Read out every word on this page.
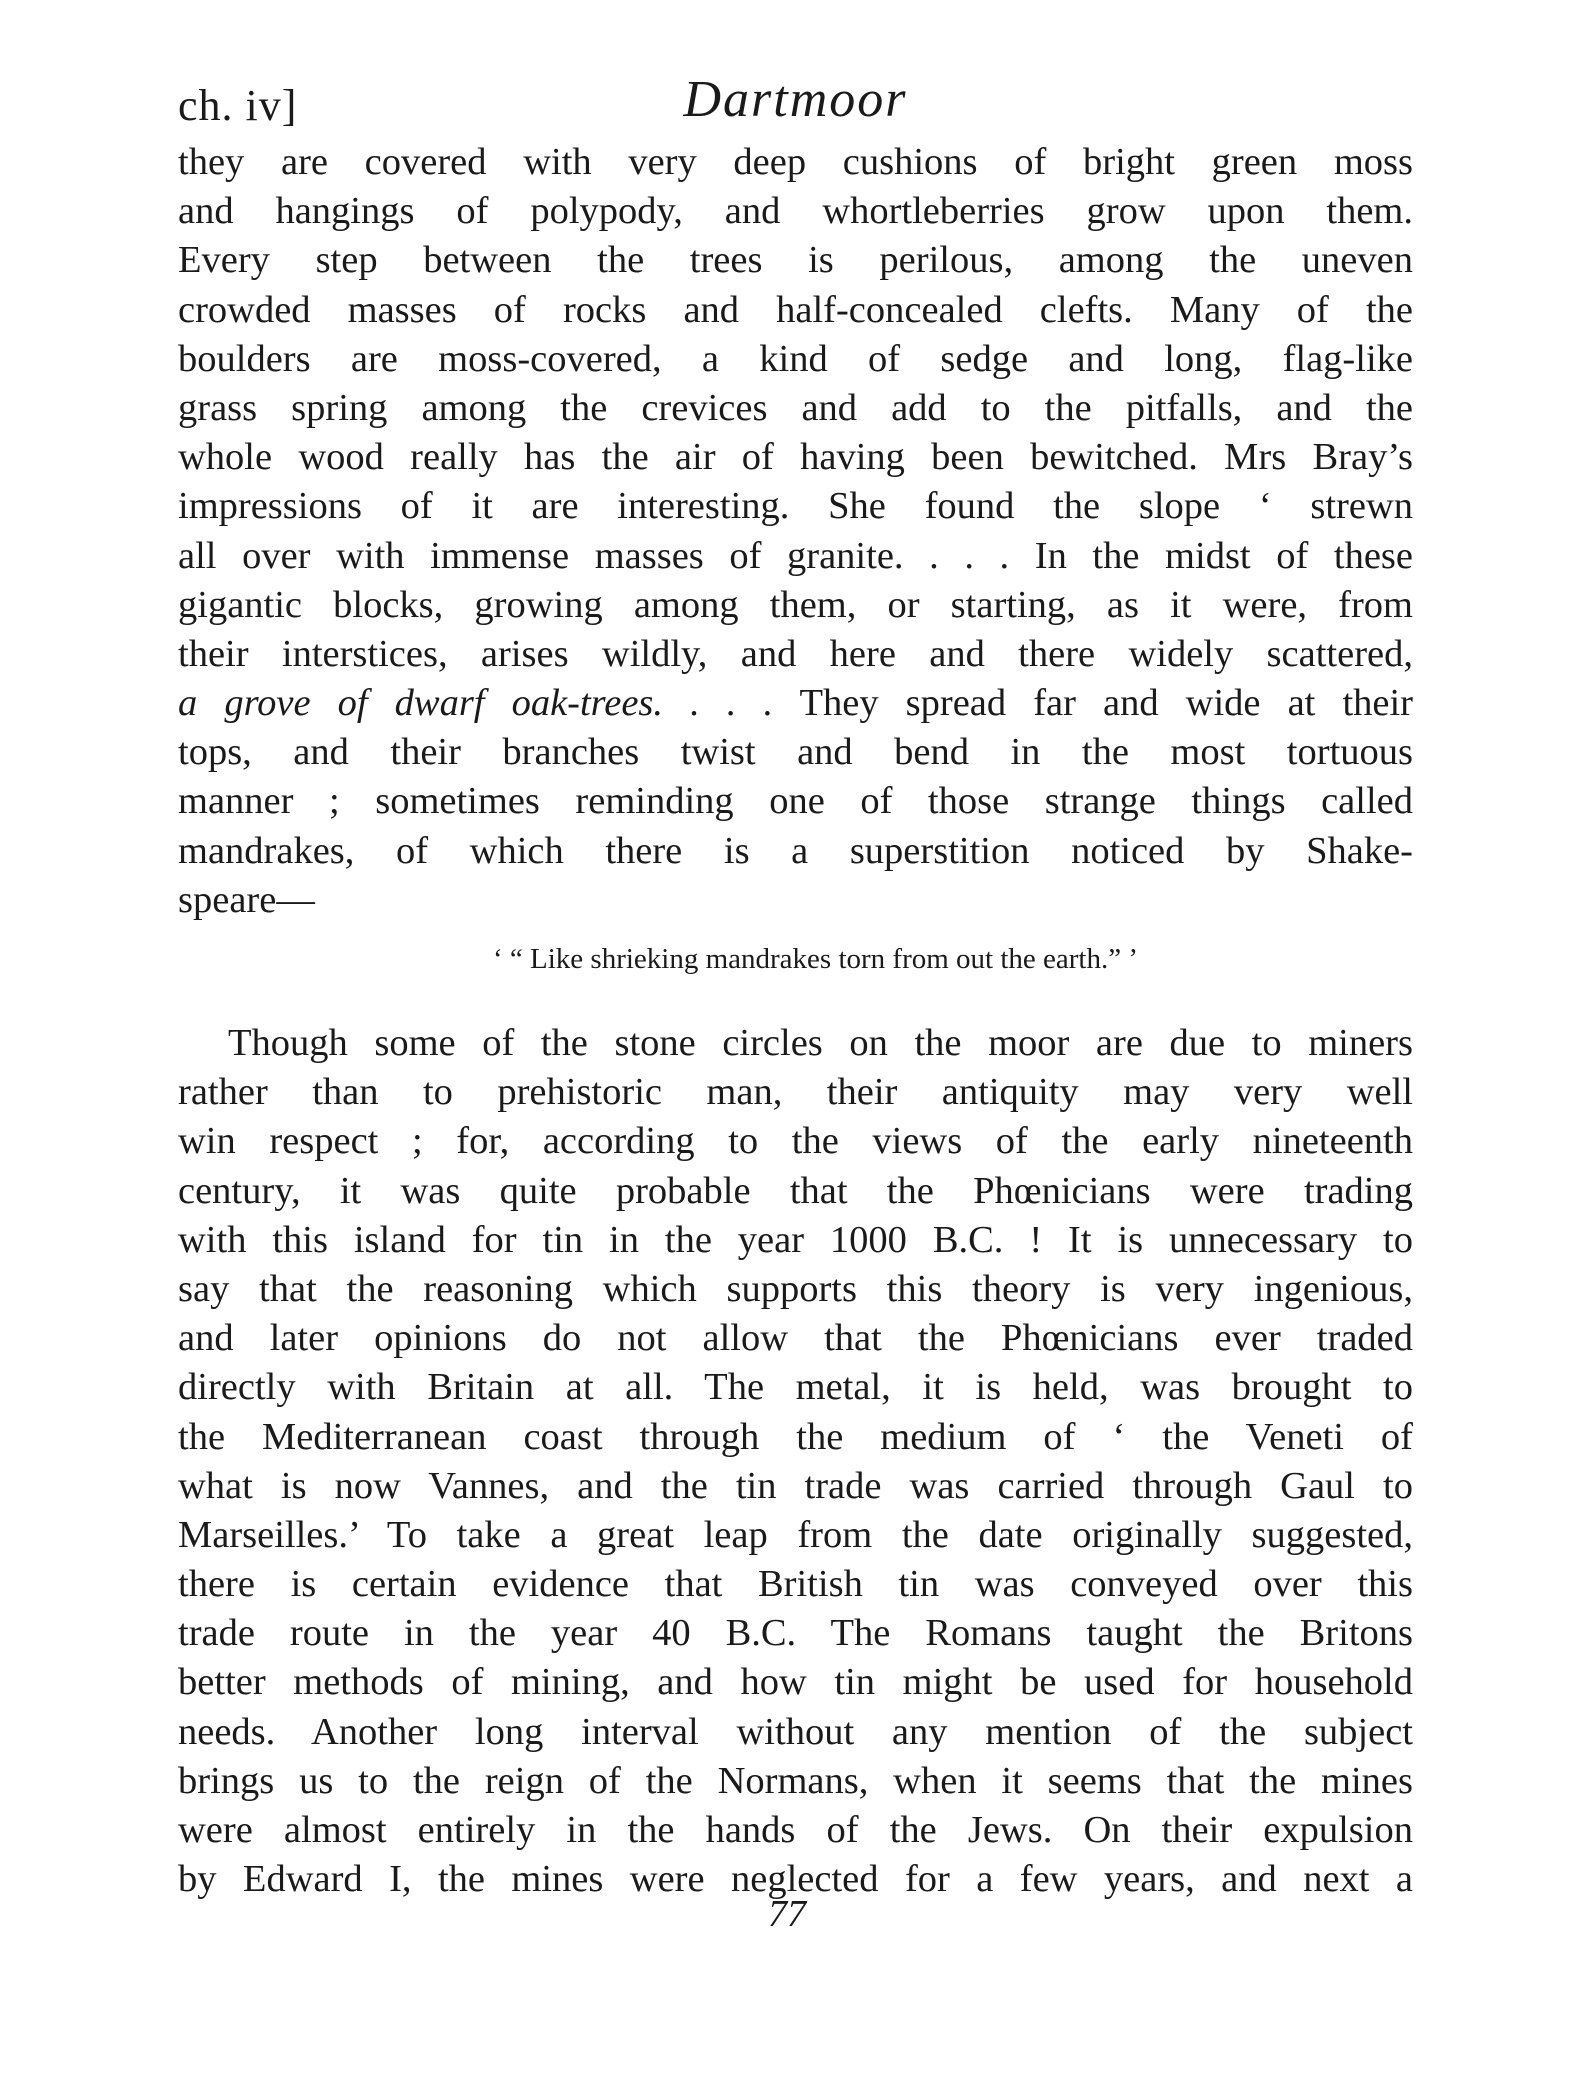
ch. iv]	Dartmoor
they are covered with very deep cushions of bright green moss
and hangings of polypody, and whortleberries grow upon them.
Every step between the trees is perilous, among the uneven
crowded masses of rocks and half-concealed clefts. Many of the
boulders are moss-covered, a kind of sedge and long, flag-like
grass spring among the crevices and add to the pitfalls, and the
whole wood really has the air of having been bewitched. Mrs Bray’s
impressions of it are interesting. She found the slope ‘ strewn
all over with immense masses of granite. . . . In the midst of these
gigantic blocks, growing among them, or starting, as it were, from
their interstices, arises wildly, and here and there widely scattered,
a grove of dwarf oak-trees. . . . They spread far and wide at their
tops, and their branches twist and bend in the most tortuous
manner ; sometimes reminding one of those strange things called
mandrakes, of which there is a superstition noticed by Shake-
speare—
‘ “ Like shrieking mandrakes torn from out the earth.” ’
Though some of the stone circles on the moor are due to miners
rather than to prehistoric man, their antiquity may very well
win respect ; for, according to the views of the early nineteenth
century, it was quite probable that the Phœnicians were trading
with this island for tin in the year 1000 B.C. ! It is unnecessary to
say that the reasoning which supports this theory is very ingenious,
and later opinions do not allow that the Phœnicians ever traded
directly with Britain at all. The metal, it is held, was brought to
the Mediterranean coast through the medium of ‘ the Veneti of
what is now Vannes, and the tin trade was carried through Gaul to
Marseilles.’ To take a great leap from the date originally suggested,
there is certain evidence that British tin was conveyed over this
trade route in the year 40 B.C. The Romans taught the Britons
better methods of mining, and how tin might be used for household
needs. Another long interval without any mention of the subject
brings us to the reign of the Normans, when it seems that the mines
were almost entirely in the hands of the Jews. On their expulsion
by Edward I, the mines were neglected for a few years, and next a
77
